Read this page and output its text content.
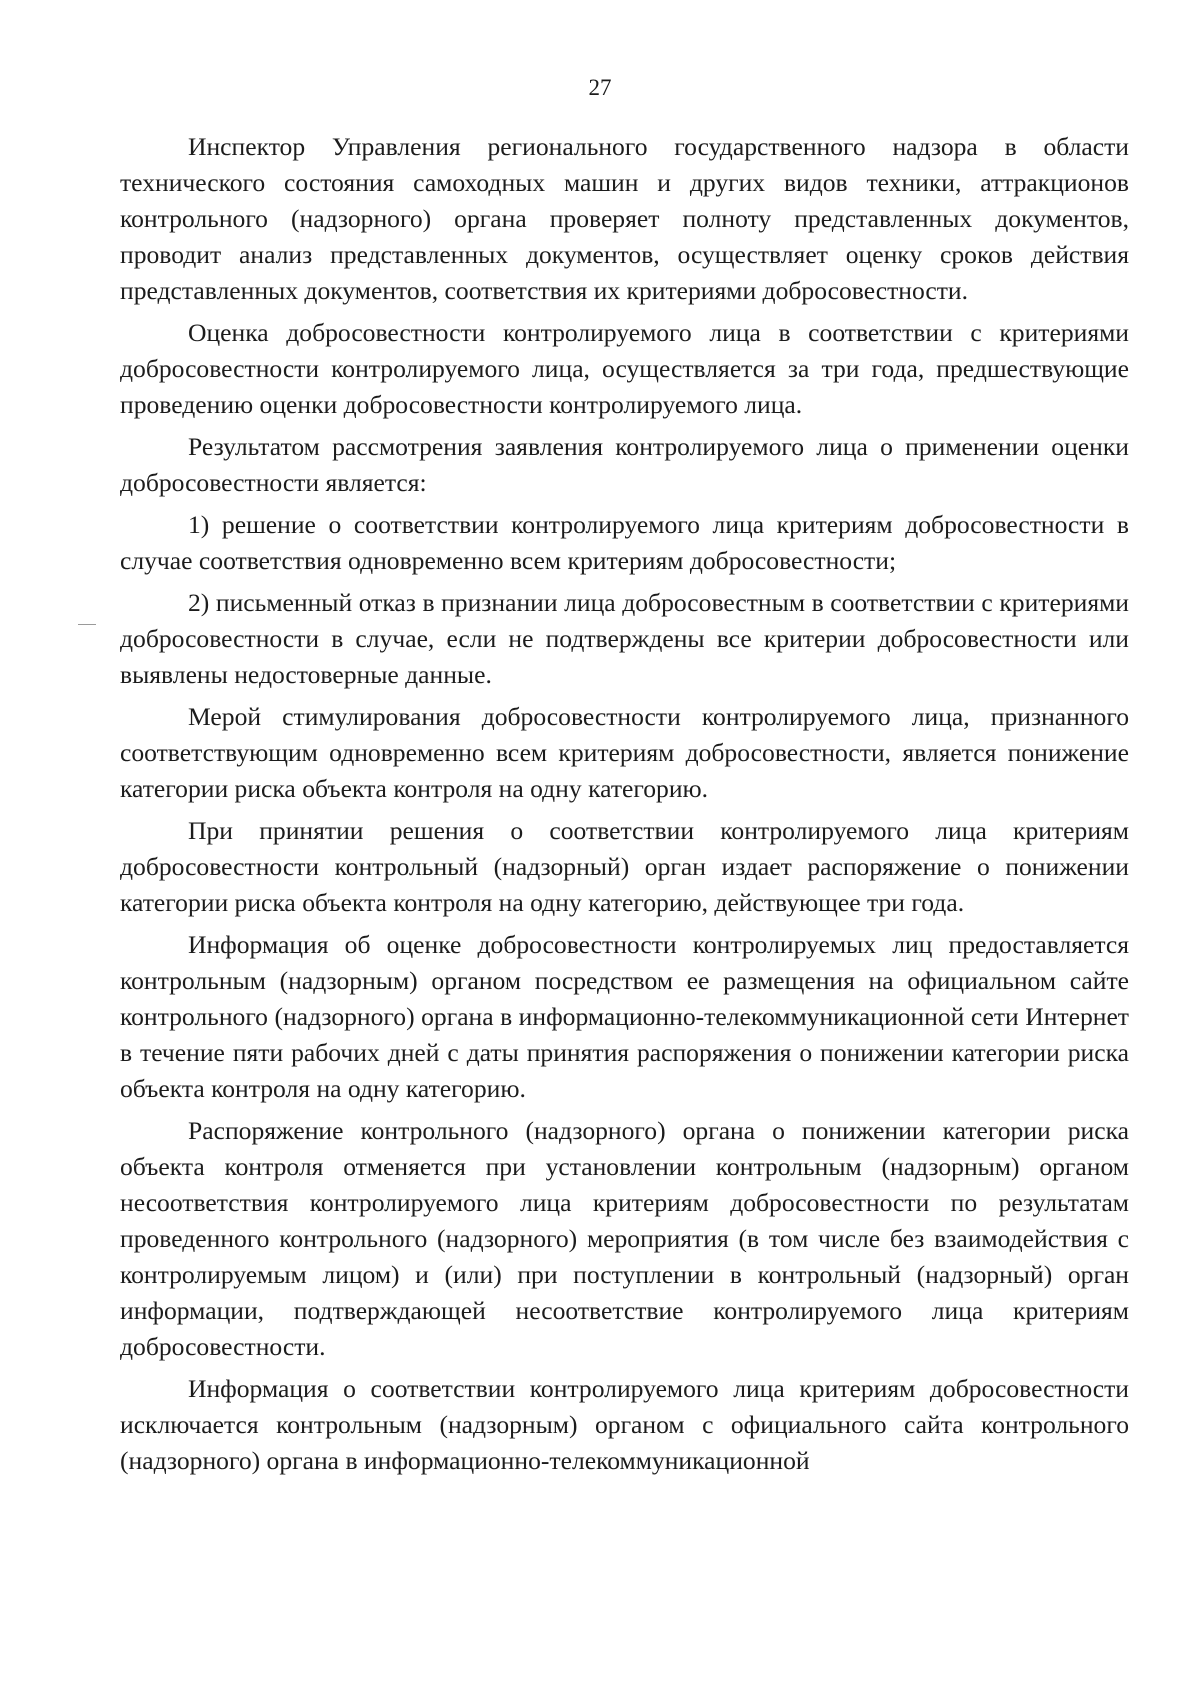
27

Инспектор Управления регионального государственного надзора в области технического состояния самоходных машин и других видов техники, аттракционов контрольного (надзорного) органа проверяет полноту представленных документов, проводит анализ представленных документов, осуществляет оценку сроков действия представленных документов, соответствия их критериями добросовестности.

Оценка добросовестности контролируемого лица в соответствии с критериями добросовестности контролируемого лица, осуществляется за три года, предшествующие проведению оценки добросовестности контролируемого лица.

Результатом рассмотрения заявления контролируемого лица о применении оценки добросовестности является:

1) решение о соответствии контролируемого лица критериям добросовестности в случае соответствия одновременно всем критериям добросовестности;

2) письменный отказ в признании лица добросовестным в соответствии с критериями добросовестности в случае, если не подтверждены все критерии добросовестности или выявлены недостоверные данные.

Мерой стимулирования добросовестности контролируемого лица, признанного соответствующим одновременно всем критериям добросовестности, является понижение категории риска объекта контроля на одну категорию.

При принятии решения о соответствии контролируемого лица критериям добросовестности контрольный (надзорный) орган издает распоряжение о понижении категории риска объекта контроля на одну категорию, действующее три года.

Информация об оценке добросовестности контролируемых лиц предоставляется контрольным (надзорным) органом посредством ее размещения на официальном сайте контрольного (надзорного) органа в информационно-телекоммуникационной сети Интернет в течение пяти рабочих дней с даты принятия распоряжения о понижении категории риска объекта контроля на одну категорию.

Распоряжение контрольного (надзорного) органа о понижении категории риска объекта контроля отменяется при установлении контрольным (надзорным) органом несоответствия контролируемого лица критериям добросовестности по результатам проведенного контрольного (надзорного) мероприятия (в том числе без взаимодействия с контролируемым лицом) и (или) при поступлении в контрольный (надзорный) орган информации, подтверждающей несоответствие контролируемого лица критериям добросовестности.

Информация о соответствии контролируемого лица критериям добросовестности исключается контрольным (надзорным) органом с официального сайта контрольного (надзорного) органа в информационно-телекоммуникационной
